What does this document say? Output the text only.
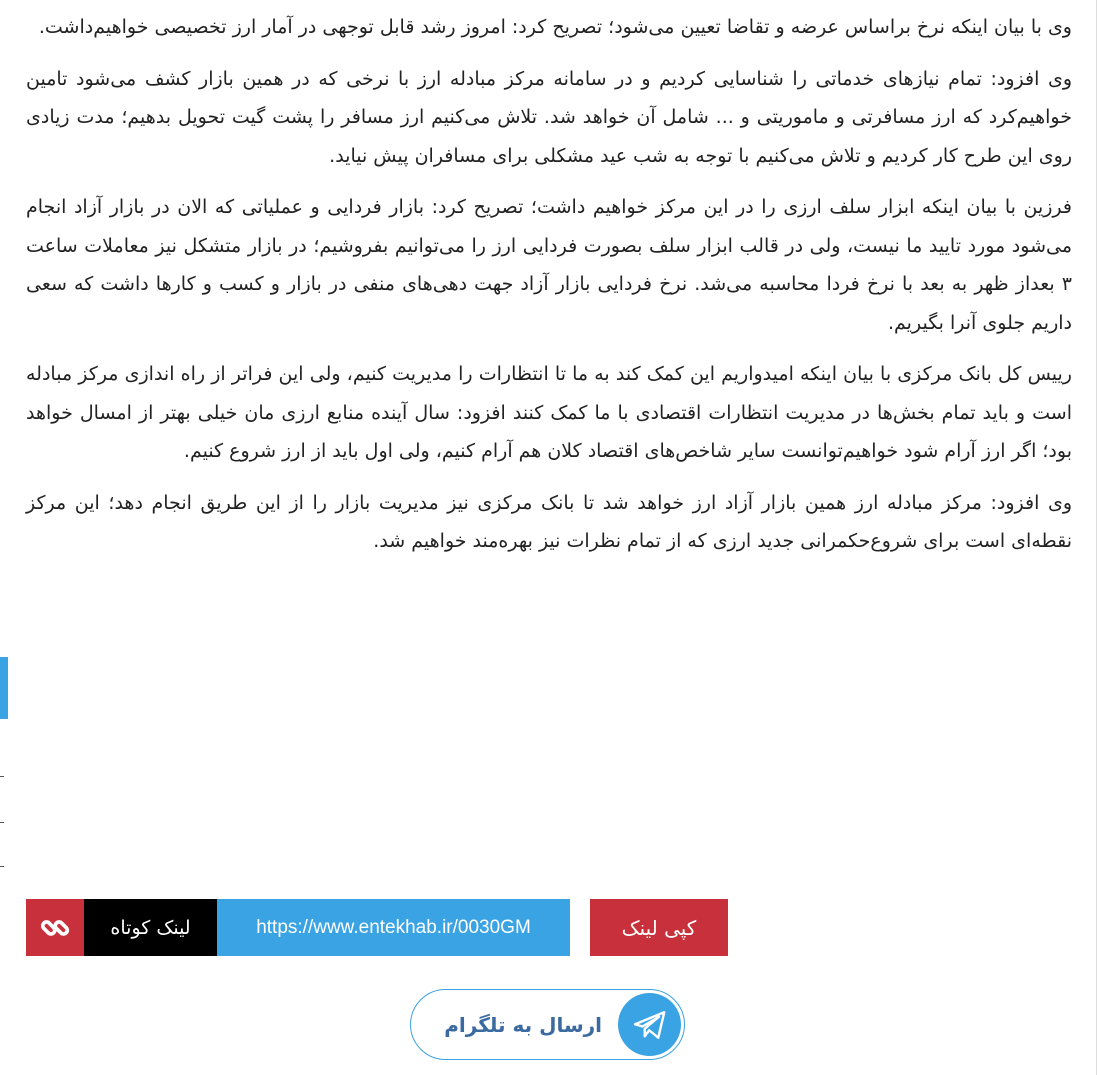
وی با بیان اینکه نرخ براساس عرضه و تقاضا تعیین می‌شود؛ تصریح کرد: امروز رشد قابل توجهی در آمار ارز تخصیصی خواهیم‌داشت.

وی افزود: تمام نیازهای خدماتی را شناسایی کردیم و در سامانه مرکز مبادله ارز با نرخی که در همین بازار کشف می‌شود تامین خواهیم‌کرد که ارز مسافرتی و ماموریتی و ... شامل آن خواهد شد. تلاش می‌کنیم ارز مسافر را پشت گیت تحویل بدهیم؛ مدت زیادی روی این طرح کار کردیم و تلاش می‌کنیم با توجه به شب عید مشکلی برای مسافران پیش نیاید.

فرزین با بیان اینکه ابزار سلف ارزی را در این مرکز خواهیم داشت؛ تصریح کرد: بازار فردایی و عملیاتی که الان در بازار آزاد انجام می‌شود مورد تایید ما نیست، ولی در قالب ابزار سلف بصورت فردایی ارز را می‌توانیم بفروشیم؛ در بازار متشکل نیز معاملات ساعت ۳ بعداز ظهر به بعد با نرخ فردا محاسبه می‌شد. نرخ فردایی بازار آزاد جهت دهی‌های منفی در بازار و کسب و کارها داشت که سعی داریم جلوی آنرا بگیریم.

رییس کل بانک مرکزی با بیان اینکه امیدواریم این کمک کند به ما تا انتظارات را مدیریت کنیم، ولی این فراتر از راه اندازی مرکز مبادله است و باید تمام بخش‌ها در مدیریت انتظارات اقتصادی با ما کمک کنند افزود: سال آینده منابع ارزی مان خیلی بهتر از امسال خواهد بود؛ اگر ارز آرام شود خواهیم‌توانست سایر شاخص‌های اقتصاد کلان هم آرام کنیم، ولی اول باید از ارز شروع کنیم.

وی افزود: مرکز مبادله ارز همین بازار آزاد ارز خواهد شد تا بانک مرکزی نیز مدیریت بازار را از این طریق انجام دهد؛ این مرکز نقطه‌ای است برای شروع‌حکمرانی جدید ارزی که از تمام نظرات نیز بهره‌مند خواهیم شد.

کپی لینک
https://www.entekhab.ir/0030GM
لینک کوتاه
ارسال به تلگرام
